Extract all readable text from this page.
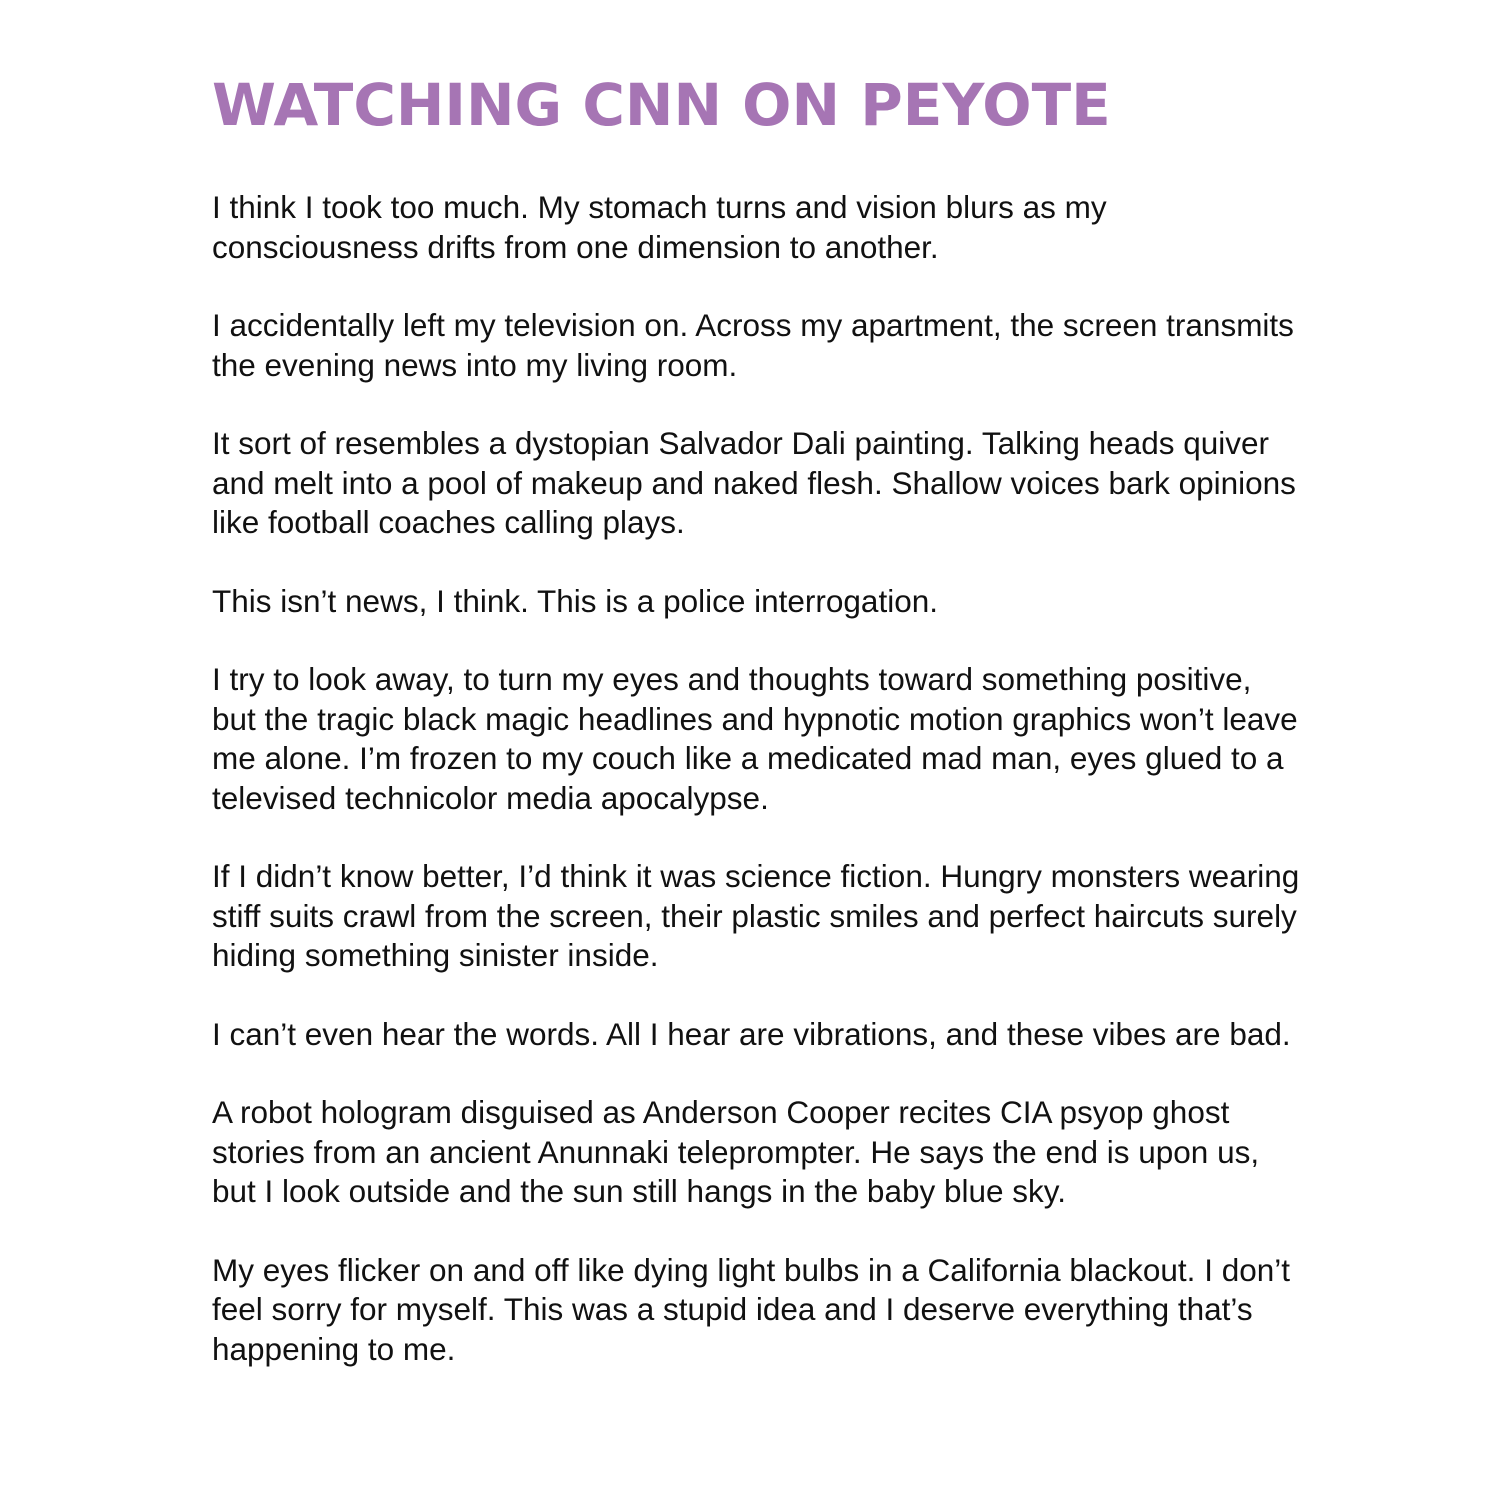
WATCHING CNN ON PEYOTE

I think I took too much. My stomach turns and vision blurs as my consciousness drifts from one dimension to another.

I accidentally left my television on. Across my apartment, the screen transmits the evening news into my living room.

It sort of resembles a dystopian Salvador Dali painting. Talking heads quiver and melt into a pool of makeup and naked flesh. Shallow voices bark opinions like football coaches calling plays.

This isn’t news, I think. This is a police interrogation.

I try to look away, to turn my eyes and thoughts toward something positive, but the tragic black magic headlines and hypnotic motion graphics won’t leave me alone. I’m frozen to my couch like a medicated mad man, eyes glued to a televised technicolor media apocalypse.

If I didn’t know better, I’d think it was science fiction. Hungry monsters wearing stiff suits crawl from the screen, their plastic smiles and perfect haircuts surely hiding something sinister inside.

I can’t even hear the words. All I hear are vibrations, and these vibes are bad.

A robot hologram disguised as Anderson Cooper recites CIA psyop ghost stories from an ancient Anunnaki teleprompter. He says the end is upon us, but I look outside and the sun still hangs in the baby blue sky.

My eyes flicker on and off like dying light bulbs in a California blackout. I don’t feel sorry for myself. This was a stupid idea and I deserve everything that’s happening to me.
